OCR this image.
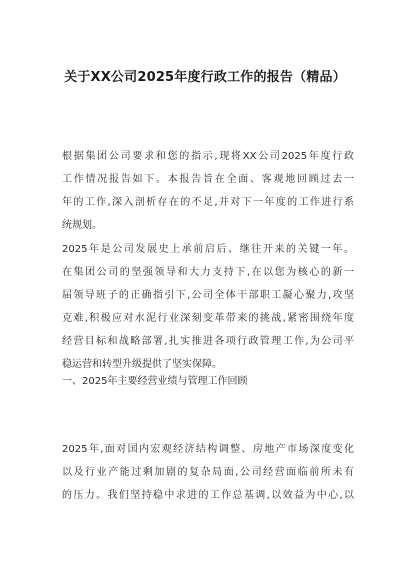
关于XX公司2025年度行政工作的报告（精品）
根据集团公司要求和您的指示,现将XX公司2025年度行政
工作情况报告如下。本报告旨在全面、客观地回顾过去一
年的工作,深入剖析存在的不足,并对下一年度的工作进行系
统规划。
2025年是公司发展史上承前启后、继往开来的关键一年。
在集团公司的坚强领导和大力支持下,在以您为核心的新一
届领导班子的正确指引下,公司全体干部职工凝心聚力,攻坚
克难,积极应对水泥行业深刻变革带来的挑战,紧密围绕年度
经营目标和战略部署,扎实推进各项行政管理工作,为公司平
稳运营和转型升级提供了坚实保障。
一、2025年主要经营业绩与管理工作回顾
2025年,面对国内宏观经济结构调整、房地产市场深度变化
以及行业产能过剩加剧的复杂局面,公司经营面临前所未有
的压力。我们坚持稳中求进的工作总基调,以效益为中心,以
